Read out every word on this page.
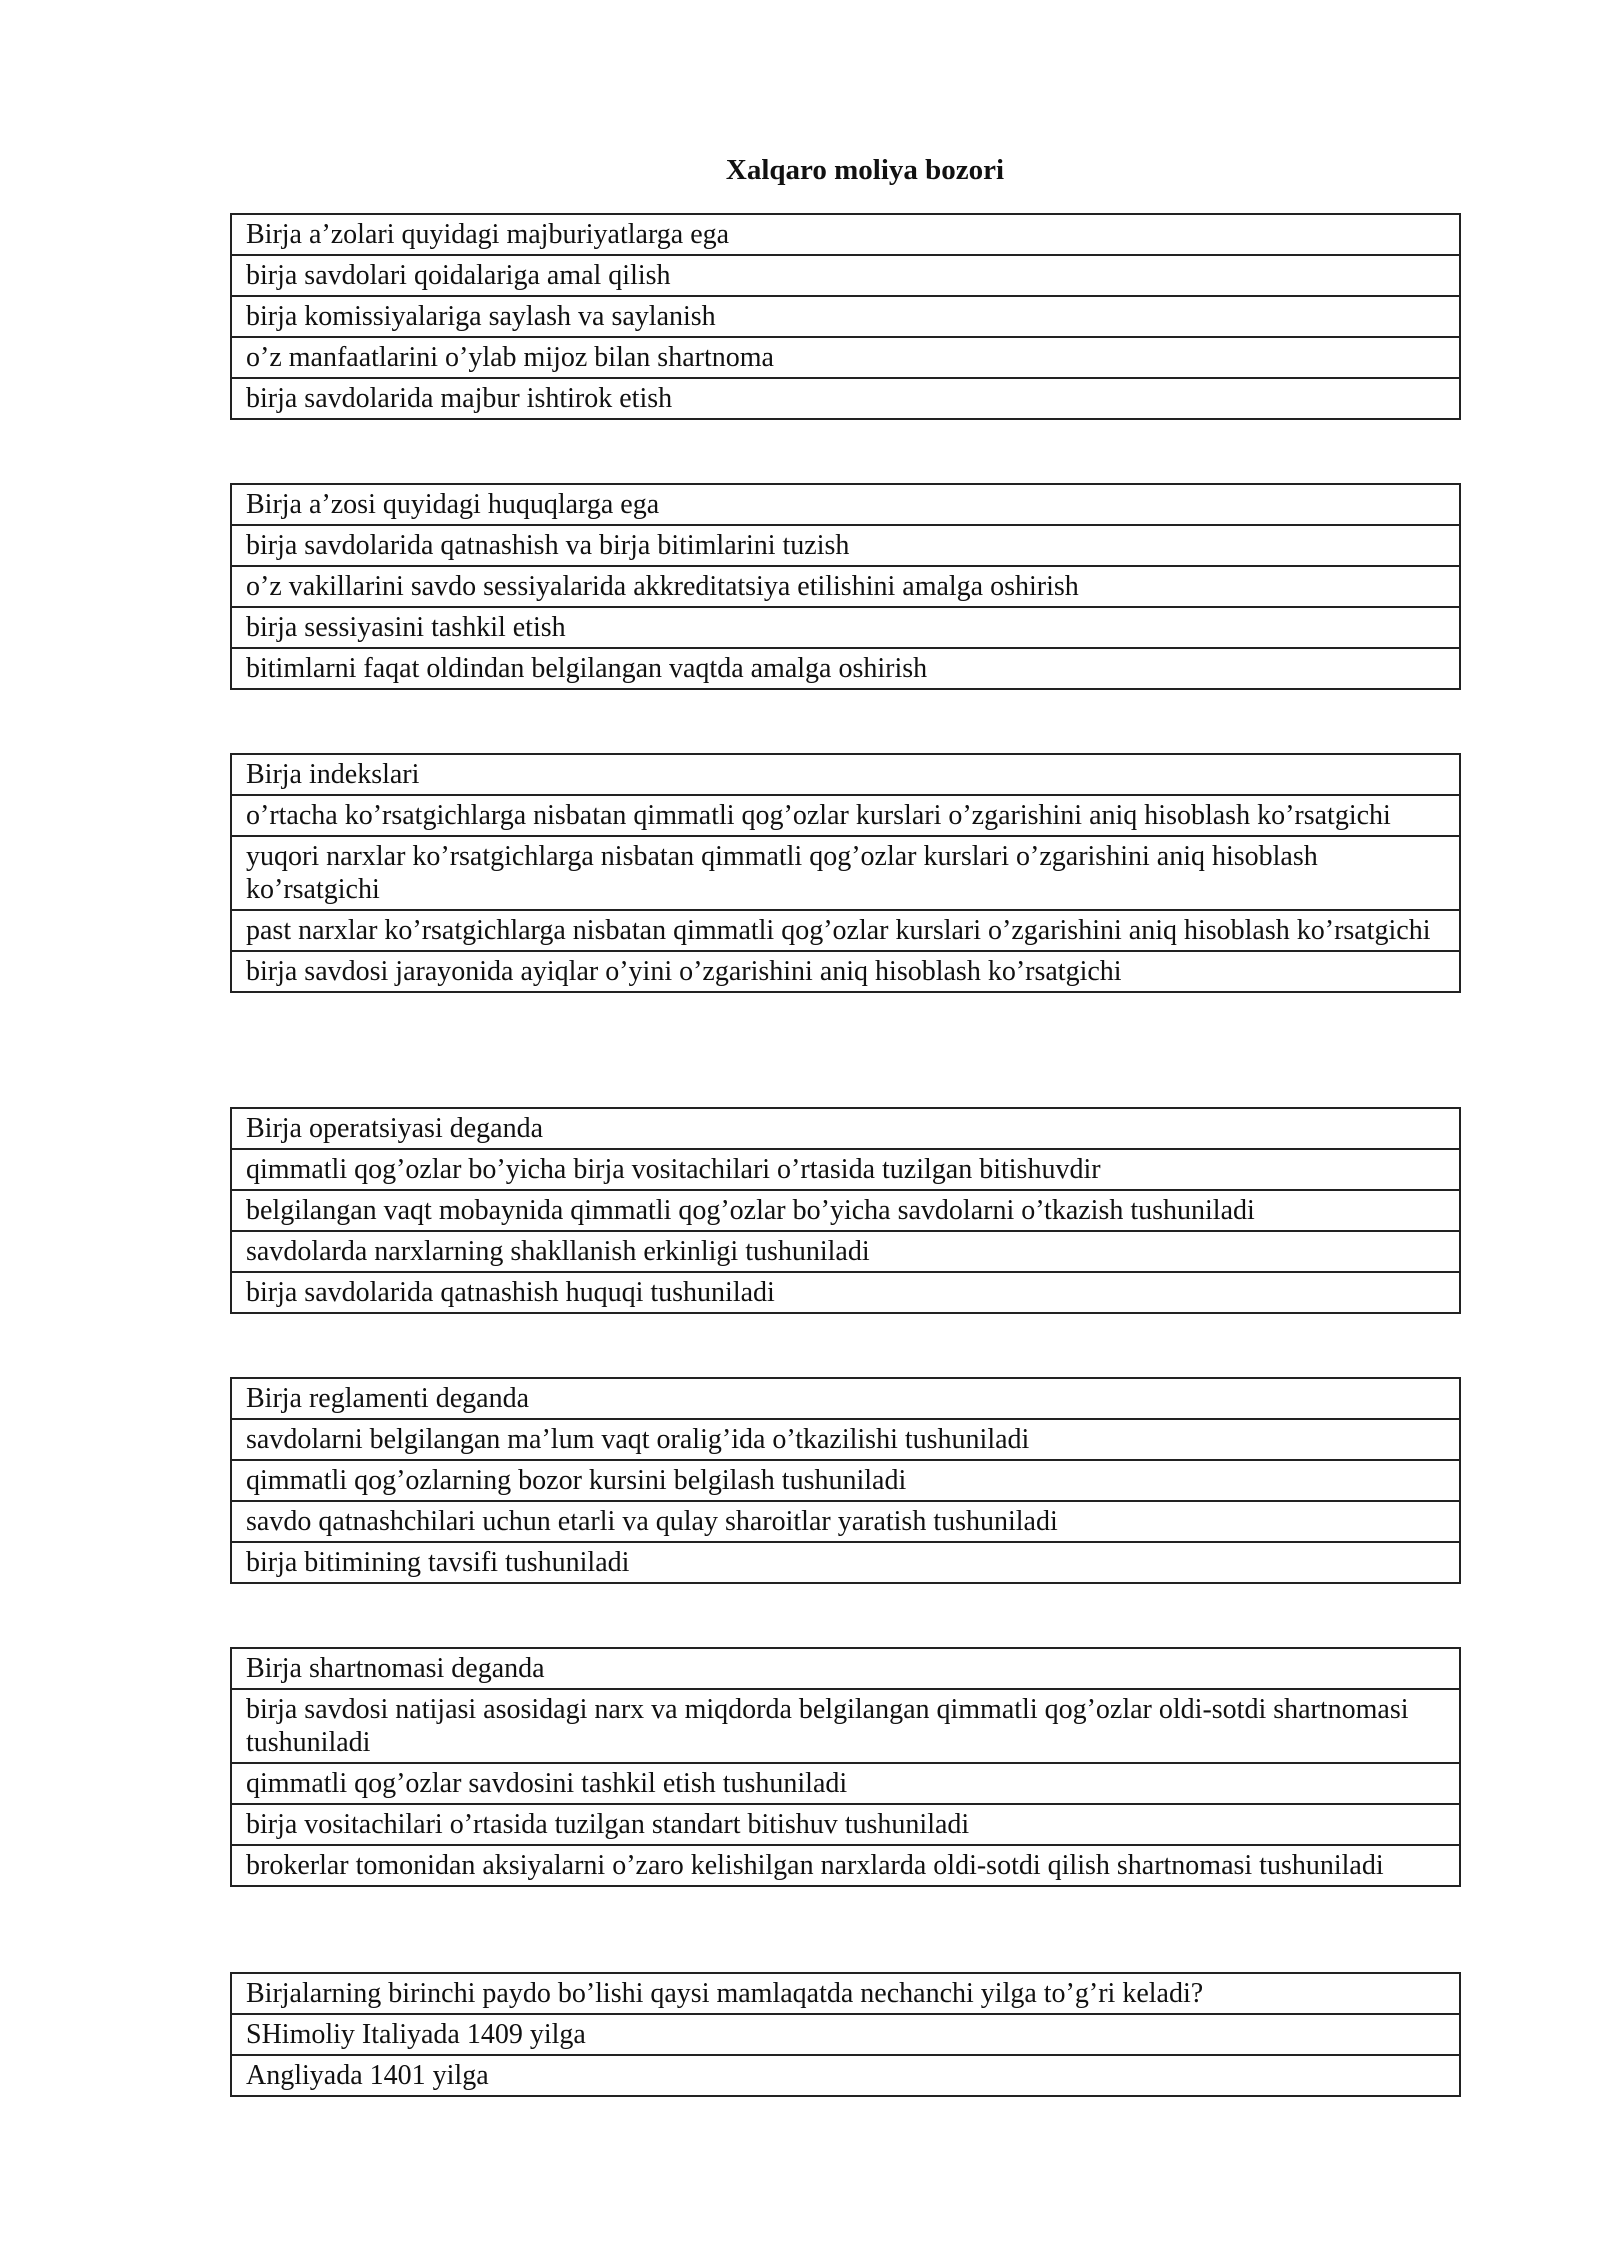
Xalqaro moliya bozori
Birja a’zolari quyidagi majburiyatlarga ega
birja savdolari qoidalariga amal qilish
birja komissiyalariga saylash va saylanish
o’z manfaatlarini o’ylab mijoz bilan shartnoma
birja savdolarida majbur ishtirok etish
Birja a’zosi quyidagi huquqlarga ega
birja savdolarida qatnashish va birja bitimlarini tuzish
o’z vakillarini savdo sessiyalarida akkreditatsiya etilishini amalga oshirish
birja sessiyasini tashkil etish
bitimlarni faqat oldindan belgilangan vaqtda amalga oshirish
Birja indekslari
o’rtacha ko’rsatgichlarga nisbatan qimmatli qog’ozlar kurslari o’zgarishini aniq hisoblash ko’rsatgichi
yuqori narxlar ko’rsatgichlarga nisbatan qimmatli qog’ozlar kurslari o’zgarishini aniq hisoblash ko’rsatgichi
past narxlar ko’rsatgichlarga nisbatan qimmatli qog’ozlar kurslari o’zgarishini aniq hisoblash ko’rsatgichi
birja savdosi jarayonida ayiqlar o’yini o’zgarishini aniq hisoblash ko’rsatgichi
Birja operatsiyasi deganda
qimmatli qog’ozlar bo’yicha birja vositachilari o’rtasida tuzilgan bitishuvdir
belgilangan vaqt mobaynida qimmatli qog’ozlar bo’yicha savdolarni o’tkazish tushuniladi
savdolarda narxlarning shakllanish erkinligi tushuniladi
birja savdolarida qatnashish huquqi tushuniladi
Birja reglamenti deganda
savdolarni belgilangan ma’lum vaqt oralig’ida o’tkazilishi tushuniladi
qimmatli qog’ozlarning bozor kursini belgilash tushuniladi
savdo qatnashchilari uchun etarli va qulay sharoitlar yaratish tushuniladi
birja bitimining tavsifi tushuniladi
Birja shartnomasi deganda
birja savdosi natijasi asosidagi narx va miqdorda belgilangan qimmatli qog’ozlar oldi-sotdi shartnomasi tushuniladi
qimmatli qog’ozlar savdosini tashkil etish tushuniladi
birja vositachilari o’rtasida tuzilgan standart bitishuv tushuniladi
brokerlar tomonidan aksiyalarni o’zaro kelishilgan narxlarda oldi-sotdi qilish shartnomasi tushuniladi
Birjalarning birinchi paydo bo’lishi qaysi mamlaqatda nechanchi yilga to’g’ri keladi?
SHimoliy Italiyada 1409 yilga
Angliyada 1401 yilga
